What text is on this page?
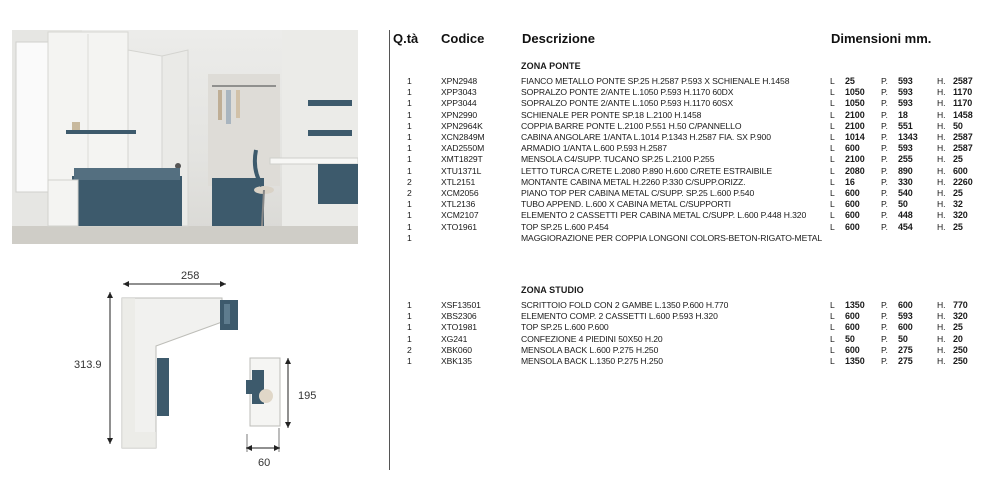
258
313.9
195
60
Q.tà Codice	Descrizione	Dimensioni mm.
ZONA PONTE
ZONA STUDIO
1	XPN2948	FIANCO METALLO PONTE SP.25 H.2587 P.593 X SCHIENALE H.1458	L 25	P. 593	H. 2587
1	XPP3043	SOPRALZO PONTE 2/ANTE L.1050 P.593 H.1170 60DX	L 1050 P. 593	H. 1170
1	XPP3044	SOPRALZO PONTE 2/ANTE L.1050 P.593 H.1170 60SX	L 1050 P. 593	H. 1170
1	XPN2990	SCHIENALE PER PONTE SP.18 L.2100 H.1458	L 2100 P. 18	H. 1458
1	XPN2964K	COPPIA BARRE PONTE L.2100 P.551 H.50 C/PANNELLO	L 2100 P. 551	H. 50
1	XCN2849M	CABINA ANGOLARE 1/ANTA L.1014 P.1343 H.2587 FIA. SX P.900	L 1014 P. 1343 H. 2587
1	XAD2550M	ARMADIO 1/ANTA L.600 P.593 H.2587	L 600 P. 593	H. 2587
1	XMT1829T	MENSOLA C4/SUPP. TUCANO SP.25 L.2100 P.255	L 2100 P. 255	H. 25
1	XTU1371L	LETTO TURCA C/RETE L.2080 P.890 H.600 C/RETE ESTRAIBILE	L 2080 P. 890	H. 600
2	XTL2151	MONTANTE CABINA METAL H.2260 P.330 C/SUPP.ORIZZ.	L 16	P. 330	H. 2260
2	XCM2056	PIANO TOP PER CABINA METAL C/SUPP. SP.25 L.600 P.540	L 600 P. 540	H. 25
1	XTL2136	TUBO APPEND. L.600 X CABINA METAL C/SUPPORTI	L 600 P. 50	H. 32
1	XCM2107	ELEMENTO 2 CASSETTI PER CABINA METAL C/SUPP. L.600 P.448 H.320	L 600 P. 448	H. 320
1	XTO1961	TOP SP.25 L.600 P.454	L 600 P. 454	H. 25
1	MAGGIORAZIONE PER COPPIA LONGONI COLORS-BETON-RIGATO-METAL
1	XSF13501	SCRITTOIO FOLD CON 2 GAMBE L.1350 P.600 H.770	L 1350 P. 600	H. 770
1	XBS2306	ELEMENTO COMP. 2 CASSETTI L.600 P.593 H.320	L 600 P. 593	H. 320
1	XTO1981	TOP SP.25 L.600 P.600	L 600 P. 600	H. 25
1	XG241	CONFEZIONE 4 PIEDINI 50X50 H.20	L 50	P. 50	H. 20
2	XBK060	MENSOLA BACK L.600 P.275 H.250	L 600 P. 275	H. 250
1	XBK135	MENSOLA BACK L.1350 P.275 H.250	L 1350 P. 275	H. 250
